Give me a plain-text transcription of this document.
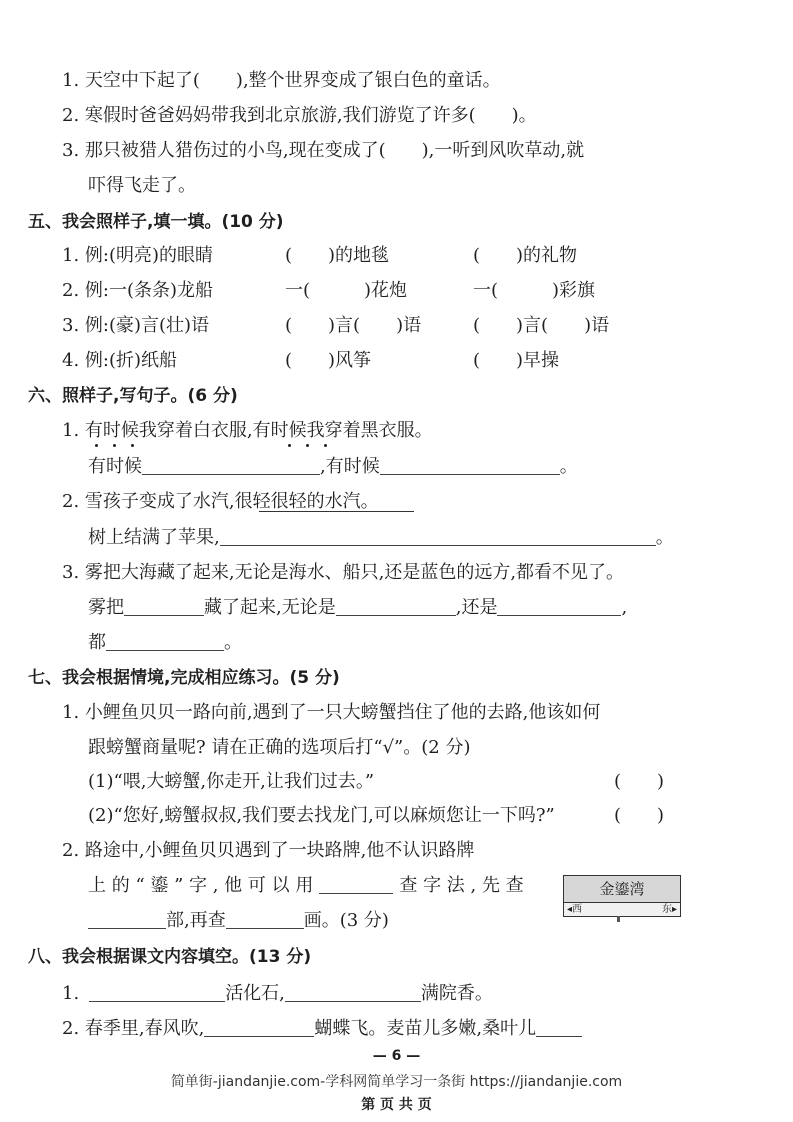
1. 天空中下起了(　　),整个世界变成了银白色的童话。
2. 寒假时爸爸妈妈带我到北京旅游,我们游览了许多(　　)。
3. 那只被猎人猎伤过的小鸟,现在变成了(　　),一听到风吹草动,就
吓得飞走了。
五、我会照样子,填一填。(10 分)
1. 例:(明亮)的眼睛	(　　)的地毯	(　　)的礼物
2. 例:一(条条)龙船	一(　　　)花炮	一(　　　)彩旗
3. 例:(豪)言(壮)语	(　　)言(　　)语	(　　)言(　　)语
4. 例:(折)纸船	(　　)风筝	(　　)早操
六、照样子,写句子。(6 分)
1. 有时候我穿着白衣服,有时候我穿着黑衣服。
有时候	,有时候	。
2. 雪孩子变成了水汽,很轻很轻的水汽。
树上结满了苹果,	。
3. 雾把大海藏了起来,无论是海水、船只,还是蓝色的远方,都看不见了。
雾把	藏了起来,无论是	,还是	,
都	。
七、我会根据情境,完成相应练习。(5 分)
1. 小鲤鱼贝贝一路向前,遇到了一只大螃蟹挡住了他的去路,他该如何
跟螃蟹商量呢? 请在正确的选项后打“√”。(2 分)
(1)“喂,大螃蟹,你走开,让我们过去。”	(　　)
(2)“您好,螃蟹叔叔,我们要去找龙门,可以麻烦您让一下吗?”	(　　)
2. 路途中,小鲤鱼贝贝遇到了一块路牌,他不认识路牌
上 的 “ 鎏 ” 字 , 他 可 以 用	查 字 法 , 先 查
部,再查	画。(3 分)
金鎏湾
◂西	东▸
八、我会根据课文内容填空。(13 分)
1.	活化石,	满院香。
2. 春季里,春风吹,	蝴蝶飞。麦苗儿多嫩,桑叶儿
— 6 —
简单街-jiandanjie.com-学科网简单学习一条街 https://jiandanjie.com
第 页 共 页
